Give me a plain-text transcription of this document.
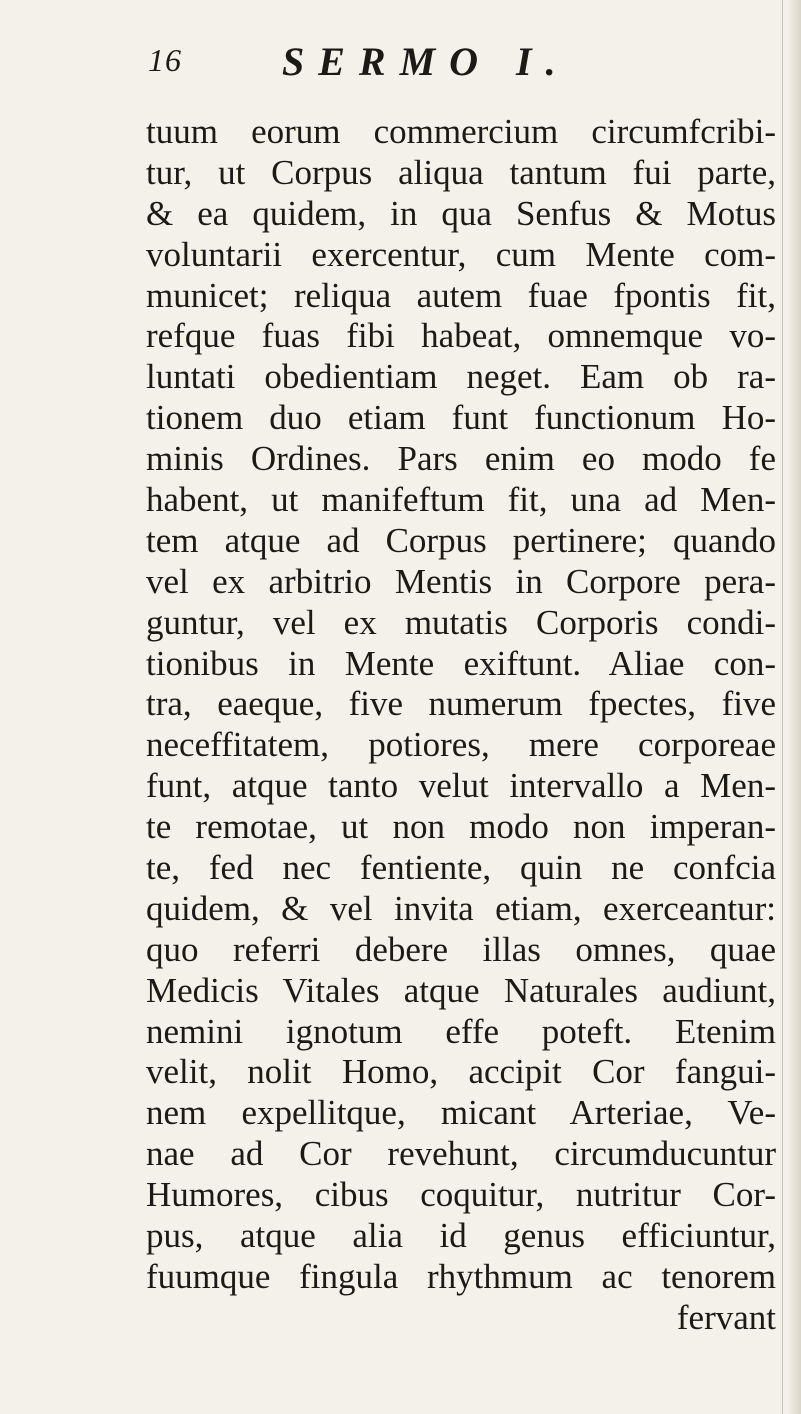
16	SERMO I.
tuum eorum commercium circumfcribi-
tur, ut Corpus aliqua tantum fui parte,
& ea quidem, in qua Senfus & Motus
voluntarii exercentur, cum Mente com-
municet; reliqua autem fuae fpontis fit,
refque fuas fibi habeat, omnemque vo-
luntati obedientiam neget. Eam ob ra-
tionem duo etiam funt functionum Ho-
minis Ordines. Pars enim eo modo fe
habent, ut manifeftum fit, una ad Men-
tem atque ad Corpus pertinere; quando
vel ex arbitrio Mentis in Corpore pera-
guntur, vel ex mutatis Corporis condi-
tionibus in Mente exiftunt. Aliae con-
tra, eaeque, five numerum fpectes, five
neceffitatem, potiores, mere corporeae
funt, atque tanto velut intervallo a Men-
te remotae, ut non modo non imperan-
te, fed nec fentiente, quin ne confcia
quidem, & vel invita etiam, exerceantur:
quo referri debere illas omnes, quae
Medicis Vitales atque Naturales audiunt,
nemini ignotum effe poteft. Etenim
velit, nolit Homo, accipit Cor fangui-
nem expellitque, micant Arteriae, Ve-
nae ad Cor revehunt, circumducuntur
Humores, cibus coquitur, nutritur Cor-
pus, atque alia id genus efficiuntur,
fuumque fingula rhythmum ac tenorem
fervant
